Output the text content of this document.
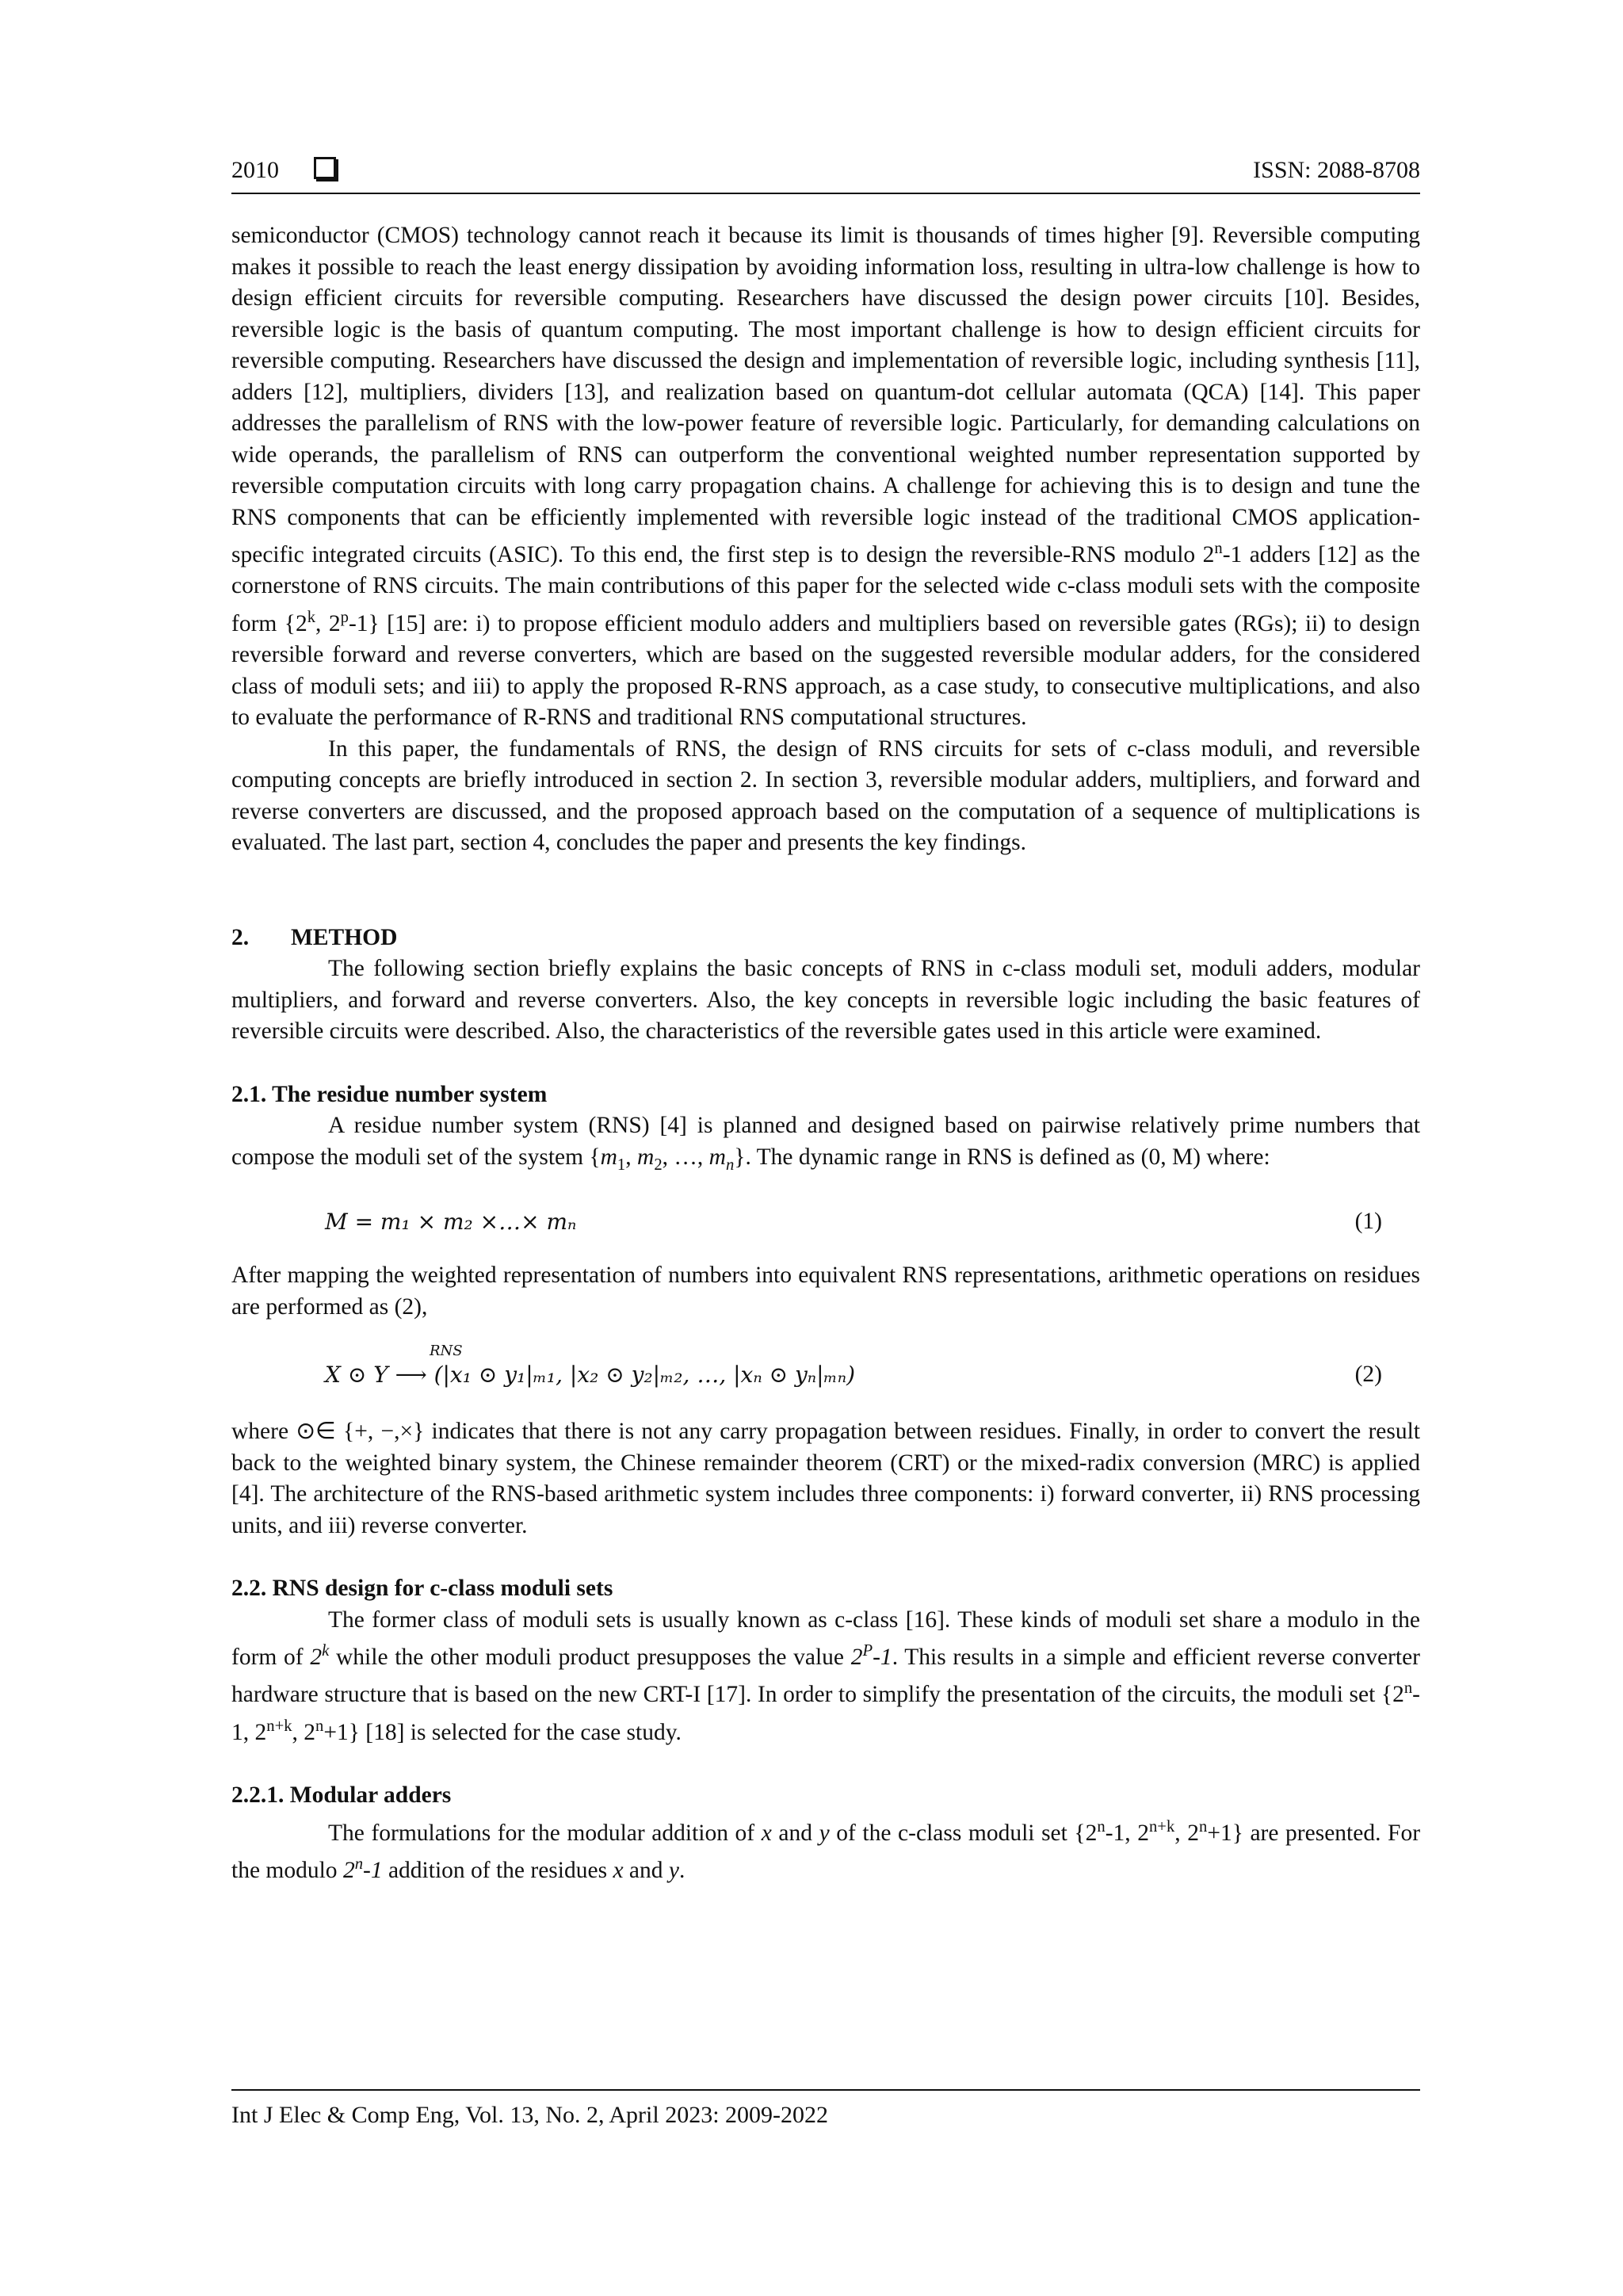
2010	ISSN: 2088-8708

semiconductor (CMOS) technology cannot reach it because its limit is thousands of times higher [9]. Reversible computing makes it possible to reach the least energy dissipation by avoiding information loss, resulting in ultra-low challenge is how to design efficient circuits for reversible computing. Researchers have discussed the design power circuits [10]. Besides, reversible logic is the basis of quantum computing. The most important challenge is how to design efficient circuits for reversible computing. Researchers have discussed the design and implementation of reversible logic, including synthesis [11], adders [12], multipliers, dividers [13], and realization based on quantum-dot cellular automata (QCA) [14]. This paper addresses the parallelism of RNS with the low-power feature of reversible logic. Particularly, for demanding calculations on wide operands, the parallelism of RNS can outperform the conventional weighted number representation supported by reversible computation circuits with long carry propagation chains. A challenge for achieving this is to design and tune the RNS components that can be efficiently implemented with reversible logic instead of the traditional CMOS application-specific integrated circuits (ASIC). To this end, the first step is to design the reversible-RNS modulo 2$^n$-1 adders [12] as the cornerstone of RNS circuits. The main contributions of this paper for the selected wide c-class moduli sets with the composite form {2$^k$, 2$^p$-1} [15] are: i) to propose efficient modulo adders and multipliers based on reversible gates (RGs); ii) to design reversible forward and reverse converters, which are based on the suggested reversible modular adders, for the considered class of moduli sets; and iii) to apply the proposed R-RNS approach, as a case study, to consecutive multiplications, and also to evaluate the performance of R-RNS and traditional RNS computational structures.

In this paper, the fundamentals of RNS, the design of RNS circuits for sets of c-class moduli, and reversible computing concepts are briefly introduced in section 2. In section 3, reversible modular adders, multipliers, and forward and reverse converters are discussed, and the proposed approach based on the computation of a sequence of multiplications is evaluated. The last part, section 4, concludes the paper and presents the key findings.

2. METHOD

The following section briefly explains the basic concepts of RNS in c-class moduli set, moduli adders, modular multipliers, and forward and reverse converters. Also, the key concepts in reversible logic including the basic features of reversible circuits were described. Also, the characteristics of the reversible gates used in this article were examined.

2.1. The residue number system

A residue number system (RNS) [4] is planned and designed based on pairwise relatively prime numbers that compose the moduli set of the system {$m_1$, $m_2$, …, $m_n$}. The dynamic range in RNS is defined as (0, M) where:

M = m₁ × m₂ ×…× mₙ	(1)

After mapping the weighted representation of numbers into equivalent RNS representations, arithmetic operations on residues are performed as (2),

RNS
X ⊙ Y ⟶ (|x₁ ⊙ y₁|ₘ₁, |x₂ ⊙ y₂|ₘ₂, …, |xₙ ⊙ yₙ|ₘₙ)	(2)

where ⊙∈ {+, −,×} indicates that there is not any carry propagation between residues. Finally, in order to convert the result back to the weighted binary system, the Chinese remainder theorem (CRT) or the mixed-radix conversion (MRC) is applied [4]. The architecture of the RNS-based arithmetic system includes three components: i) forward converter, ii) RNS processing units, and iii) reverse converter.

2.2. RNS design for c-class moduli sets

The former class of moduli sets is usually known as c-class [16]. These kinds of moduli set share a modulo in the form of 2$^k$ while the other moduli product presupposes the value $2^P-1$. This results in a simple and efficient reverse converter hardware structure that is based on the new CRT-I [17]. In order to simplify the presentation of the circuits, the moduli set {2$^n$-1, $2^{n+k}$, $2^n+1$} [18] is selected for the case study.

2.2.1. Modular adders

The formulations for the modular addition of x and y of the c-class moduli set {2$^n$-1, $2^{n+k}$, $2^n+1$} are presented. For the modulo 2$^n$-1 addition of the residues x and y.

Int J Elec & Comp Eng, Vol. 13, No. 2, April 2023: 2009-2022
